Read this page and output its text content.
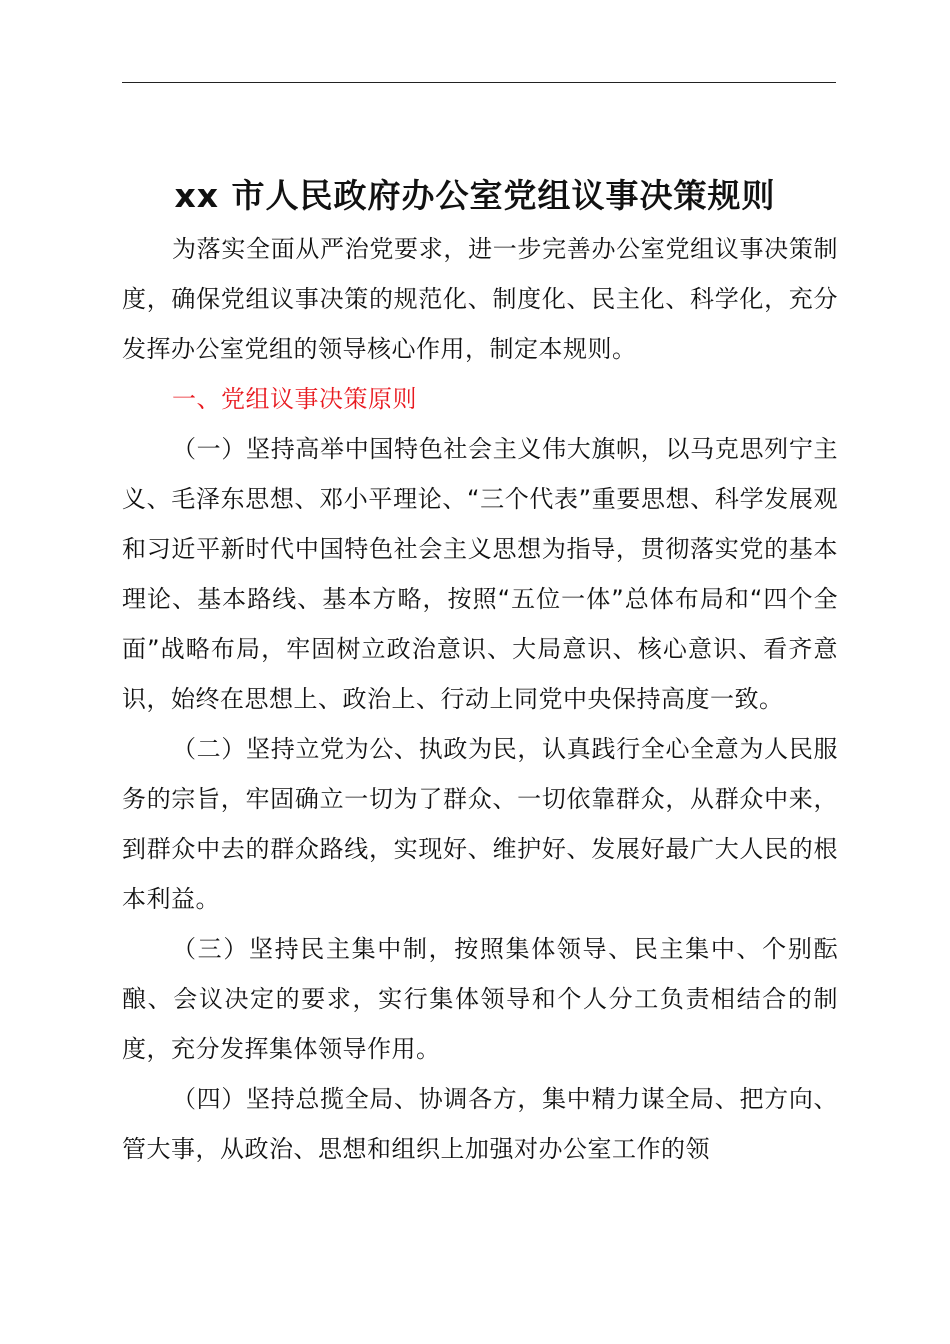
xx 市人民政府办公室党组议事决策规则

为落实全面从严治党要求，进一步完善办公室党组议事决策制度，确保党组议事决策的规范化、制度化、民主化、科学化，充分发挥办公室党组的领导核心作用，制定本规则。

一、党组议事决策原则

（一）坚持高举中国特色社会主义伟大旗帜，以马克思列宁主义、毛泽东思想、邓小平理论、“三个代表”重要思想、科学发展观和习近平新时代中国特色社会主义思想为指导，贯彻落实党的基本理论、基本路线、基本方略，按照“五位一体”总体布局和“四个全面”战略布局，牢固树立政治意识、大局意识、核心意识、看齐意识，始终在思想上、政治上、行动上同党中央保持高度一致。

（二）坚持立党为公、执政为民，认真践行全心全意为人民服务的宗旨，牢固确立一切为了群众、一切依靠群众，从群众中来，到群众中去的群众路线，实现好、维护好、发展好最广大人民的根本利益。

（三）坚持民主集中制，按照集体领导、民主集中、个别酝酿、会议决定的要求，实行集体领导和个人分工负责相结合的制度，充分发挥集体领导作用。

（四）坚持总揽全局、协调各方，集中精力谋全局、把方向、管大事，从政治、思想和组织上加强对办公室工作的领
